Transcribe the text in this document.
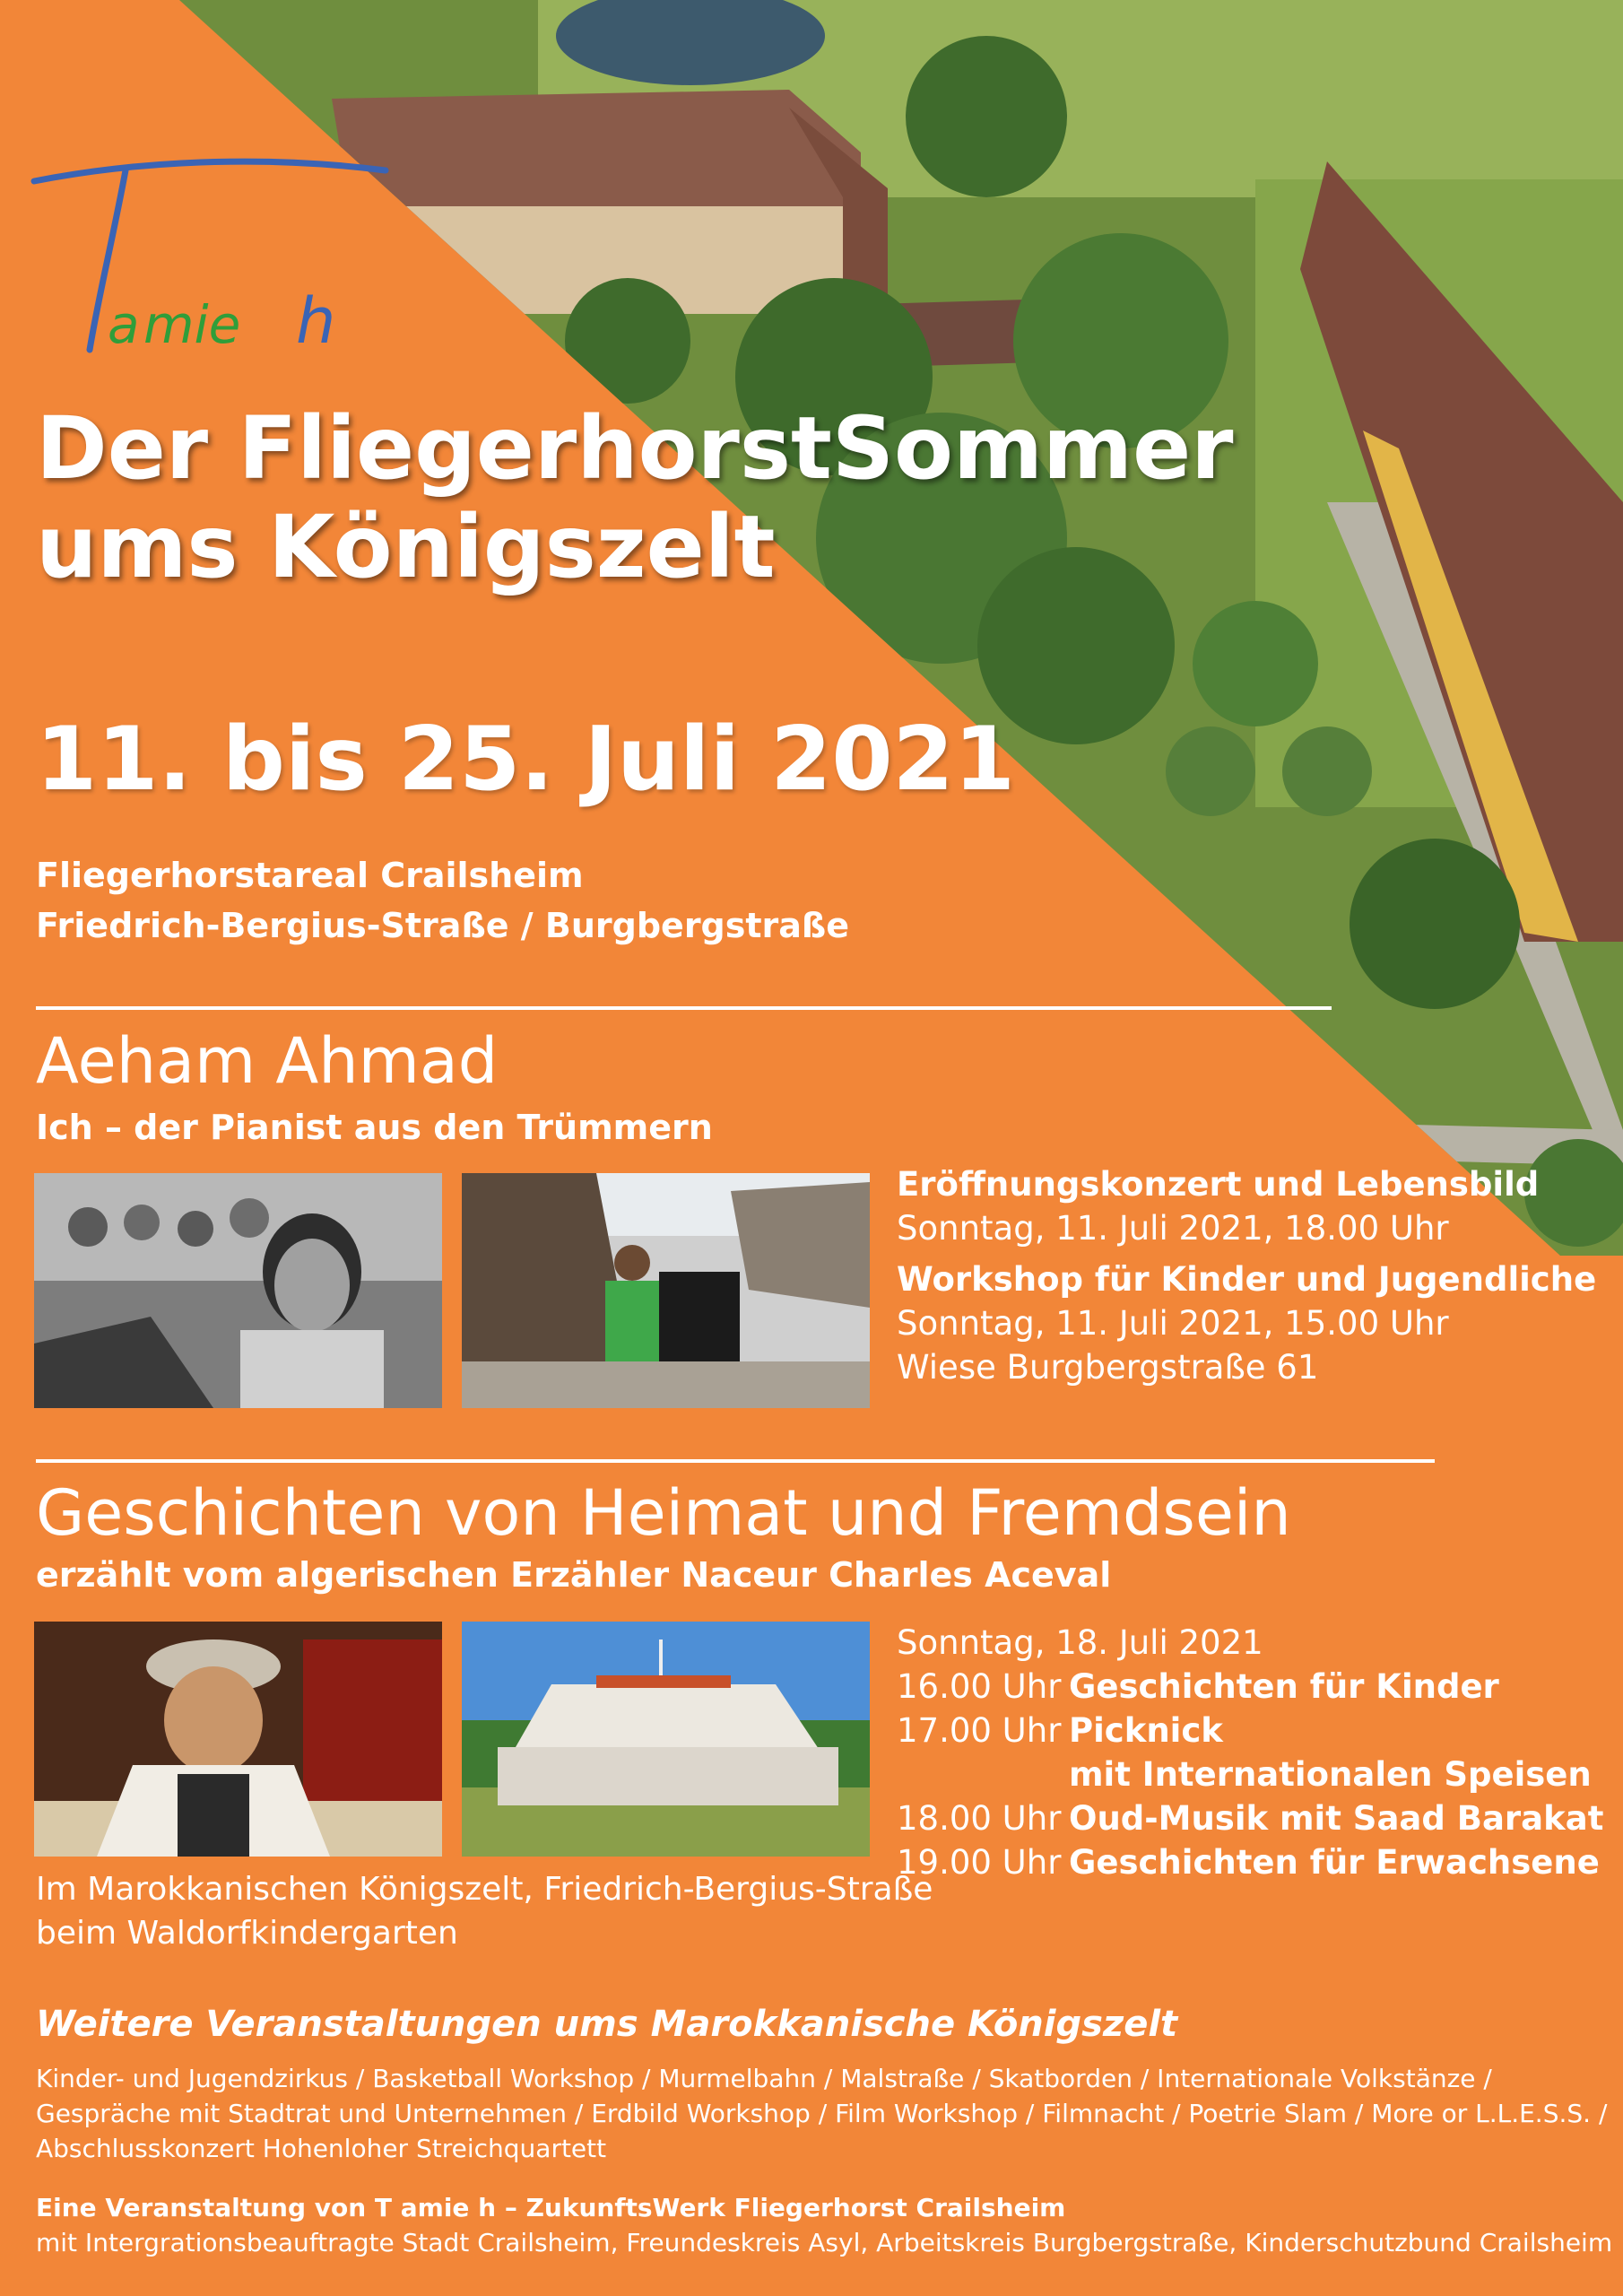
a mie h
Der FliegerhorstSommer
ums Königszelt
11. bis 25. Juli 2021
Fliegerhorstareal Crailsheim
Friedrich-Bergius-Straße / Burgbergstraße
Aeham Ahmad
Ich – der Pianist aus den Trümmern
Eröffnungskonzert und Lebensbild
Sonntag, 11. Juli 2021, 18.00 Uhr
Workshop für Kinder und Jugendliche
Sonntag, 11. Juli 2021, 15.00 Uhr
Wiese Burgbergstraße 61
Geschichten von Heimat und Fremdsein
erzählt vom algerischen Erzähler Naceur Charles Aceval
Sonntag, 18. Juli 2021
16.00 Uhr Geschichten für Kinder
17.00 Uhr Picknick
mit Internationalen Speisen
18.00 Uhr Oud-Musik mit Saad Barakat
19.00 Uhr Geschichten für Erwachsene
Im Marokkanischen Königszelt, Friedrich-Bergius-Straße
beim Waldorfkindergarten
Weitere Veranstaltungen ums Marokkanische Königszelt
Kinder- und Jugendzirkus / Basketball Workshop / Murmelbahn / Malstraße / Skatborden / Internationale Volkstänze /
Gespräche mit Stadtrat und Unternehmen / Erdbild Workshop / Film Workshop / Filmnacht / Poetrie Slam / More or L.L.E.S.S. /
Abschlusskonzert Hohenloher Streichquartett
Eine Veranstaltung von T amie h – ZukunftsWerk Fliegerhorst Crailsheim
mit Intergrationsbeauftragte Stadt Crailsheim, Freundeskreis Asyl, Arbeitskreis Burgbergstraße, Kinderschutzbund Crailsheim
